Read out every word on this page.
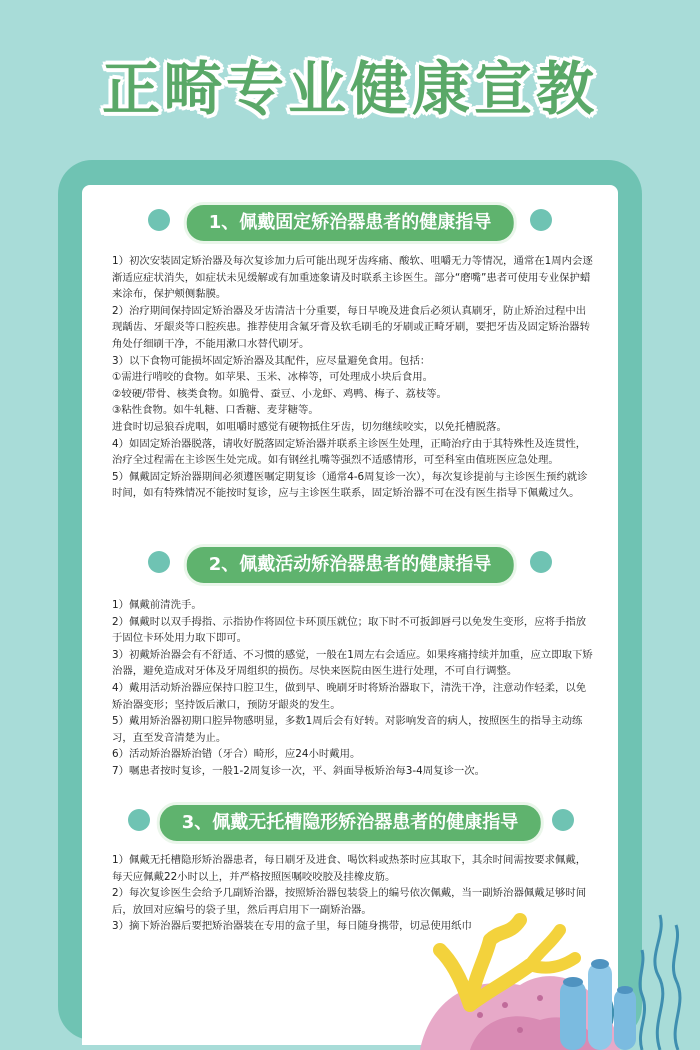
正畸专业健康宣教
1、佩戴固定矫治器患者的健康指导

1）初次安装固定矫治器及每次复诊加力后可能出现牙齿疼痛、酸软、咀嚼无力等情况，通常在1周内会逐渐适应症状消失，如症状未见缓解或有加重迹象请及时联系主诊医生。部分“磨嘴”患者可使用专业保护蜡来涂布，保护颊侧黏膜。

2）治疗期间保持固定矫治器及牙齿清洁十分重要，每日早晚及进食后必须认真刷牙，防止矫治过程中出现龋齿、牙龈炎等口腔疾患。推荐使用含氟牙膏及软毛刷毛的牙刷或正畸牙刷，要把牙齿及固定矫治器转角处仔细刷干净，不能用漱口水替代刷牙。

3）以下食物可能损坏固定矫治器及其配件，应尽量避免食用。包括：

①需进行啃咬的食物。如苹果、玉米、冰棒等，可处理成小块后食用。

②较硬/带骨、核类食物。如脆骨、蚕豆、小龙虾、鸡鸭、梅子、荔枝等。

③粘性食物。如牛轧糖、口香糖、麦芽糖等。

进食时切忌狼吞虎咽，如咀嚼时感觉有硬物抵住牙齿，切勿继续咬实，以免托槽脱落。

4）如固定矫治器脱落，请收好脱落固定矫治器并联系主诊医生处理，正畸治疗由于其特殊性及连贯性，治疗全过程需在主诊医生处完成。如有钢丝扎嘴等强烈不适感情形，可至科室由值班医应急处理。

5）佩戴固定矫治器期间必须遵医嘱定期复诊（通常4-6周复诊一次），每次复诊提前与主诊医生预约就诊时间，如有特殊情况不能按时复诊，应与主诊医生联系，固定矫治器不可在没有医生指导下佩戴过久。

2、佩戴活动矫治器患者的健康指导

1）佩戴前清洗手。

2）佩戴时以双手拇指、示指协作将固位卡环顶压就位；取下时不可扳卸唇弓以免发生变形，应将手指放于固位卡环处用力取下即可。

3）初戴矫治器会有不舒适、不习惯的感觉，一般在1周左右会适应。如果疼痛持续并加重，应立即取下矫治器，避免造成对牙体及牙周组织的损伤。尽快来医院由医生进行处理，不可自行调整。

4）戴用活动矫治器应保持口腔卫生，做到早、晚刷牙时将矫治器取下，清洗干净，注意动作轻柔，以免矫治器变形；坚持饭后漱口，预防牙龈炎的发生。

5）戴用矫治器初期口腔异物感明显，多数1周后会有好转。对影响发音的病人，按照医生的指导主动练习，直至发音清楚为止。

6）活动矫治器矫治错（牙合）畸形，应24小时戴用。

7）嘱患者按时复诊，一般1-2周复诊一次，平、斜面导板矫治每3-4周复诊一次。

3、佩戴无托槽隐形矫治器患者的健康指导

1）佩戴无托槽隐形矫治器患者，每日刷牙及进食、喝饮料或热茶时应其取下，其余时间需按要求佩戴，每天应佩戴22小时以上，并严格按照医嘱咬咬胶及挂橡皮筋。

2）每次复诊医生会给予几副矫治器，按照矫治器包装袋上的编号依次佩戴，当一副矫治器佩戴足够时间后，放回对应编号的袋子里，然后再启用下一副矫治器。

3）摘下矫治器后要把矫治器装在专用的盒子里，每日随身携带，切忌使用纸巾
